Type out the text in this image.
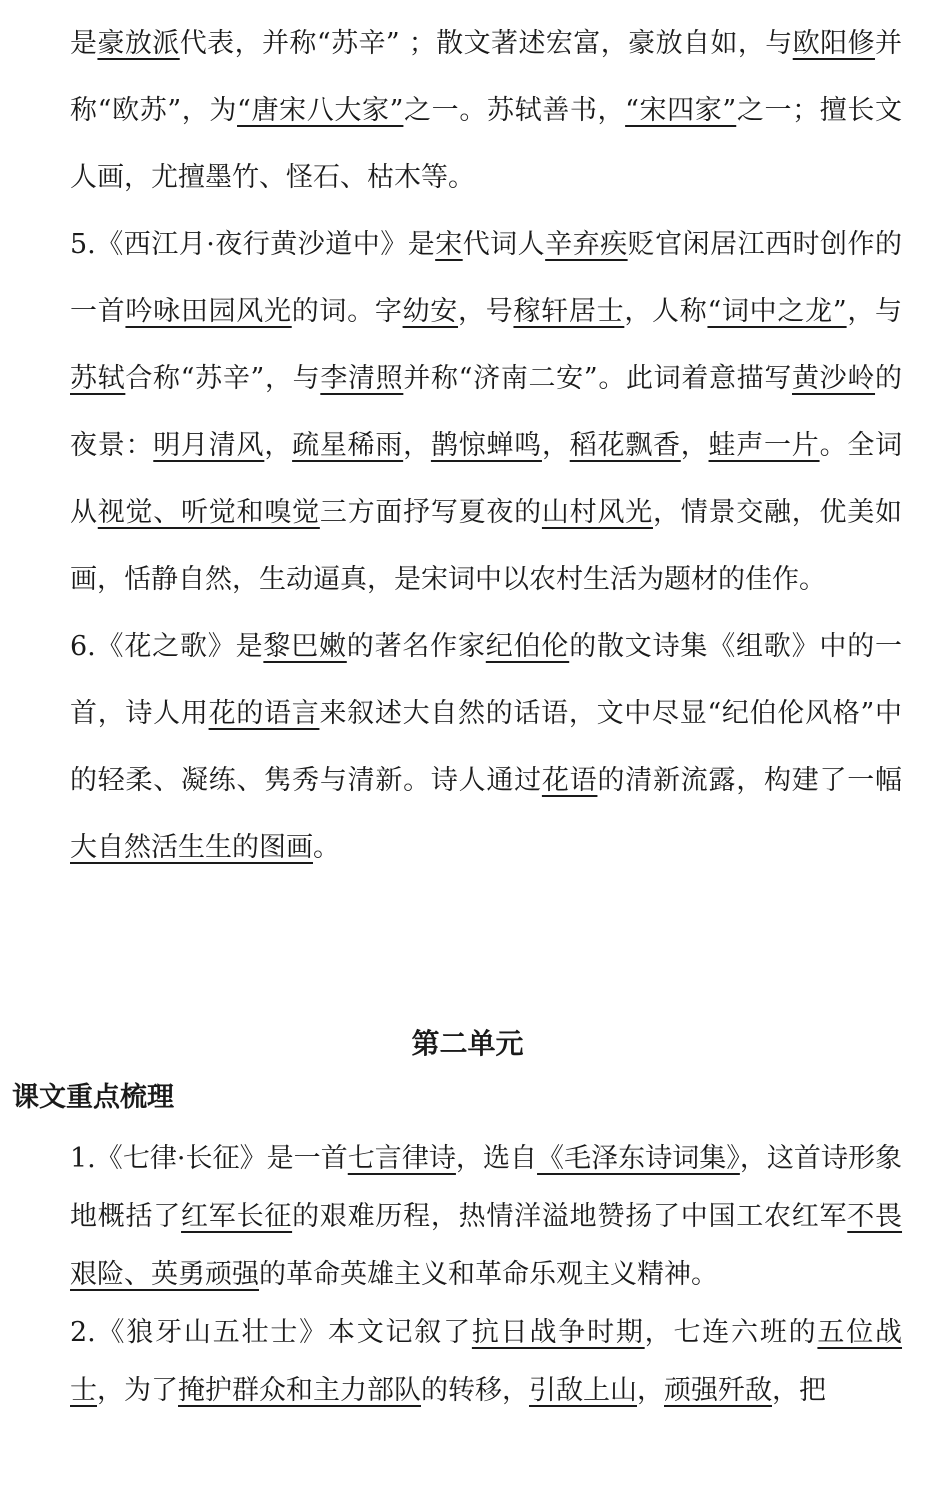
是豪放派代表，并称“苏辛” ；散文著述宏富，豪放自如，与欧阳修并称“欧苏”，为“唐宋八大家”之一。苏轼善书，“宋四家”之一；擅长文人画，尤擅墨竹、怪石、枯木等。

5.《西江月·夜行黄沙道中》是宋代词人辛弃疾贬官闲居江西时创作的一首吟咏田园风光的词。字幼安，号稼轩居士，人称“词中之龙”，与苏轼合称“苏辛”，与李清照并称“济南二安”。此词着意描写黄沙岭的夜景：明月清风，疏星稀雨，鹊惊蝉鸣，稻花飘香，蛙声一片。全词从视觉、听觉和嗅觉三方面抒写夏夜的山村风光，情景交融，优美如画，恬静自然，生动逼真，是宋词中以农村生活为题材的佳作。

6.《花之歌》是黎巴嫩的著名作家纪伯伦的散文诗集《组歌》中的一首，诗人用花的语言来叙述大自然的话语，文中尽显“纪伯伦风格”中的轻柔、凝练、隽秀与清新。诗人通过花语的清新流露，构建了一幅大自然活生生的图画。

第二单元
课文重点梳理

1.《七律·长征》是一首七言律诗，选自《毛泽东诗词集》，这首诗形象地概括了红军长征的艰难历程，热情洋溢地赞扬了中国工农红军不畏艰险、英勇顽强的革命英雄主义和革命乐观主义精神。

2.《狼牙山五壮士》本文记叙了抗日战争时期，七连六班的五位战士，为了掩护群众和主力部队的转移，引敌上山，顽强歼敌，把
